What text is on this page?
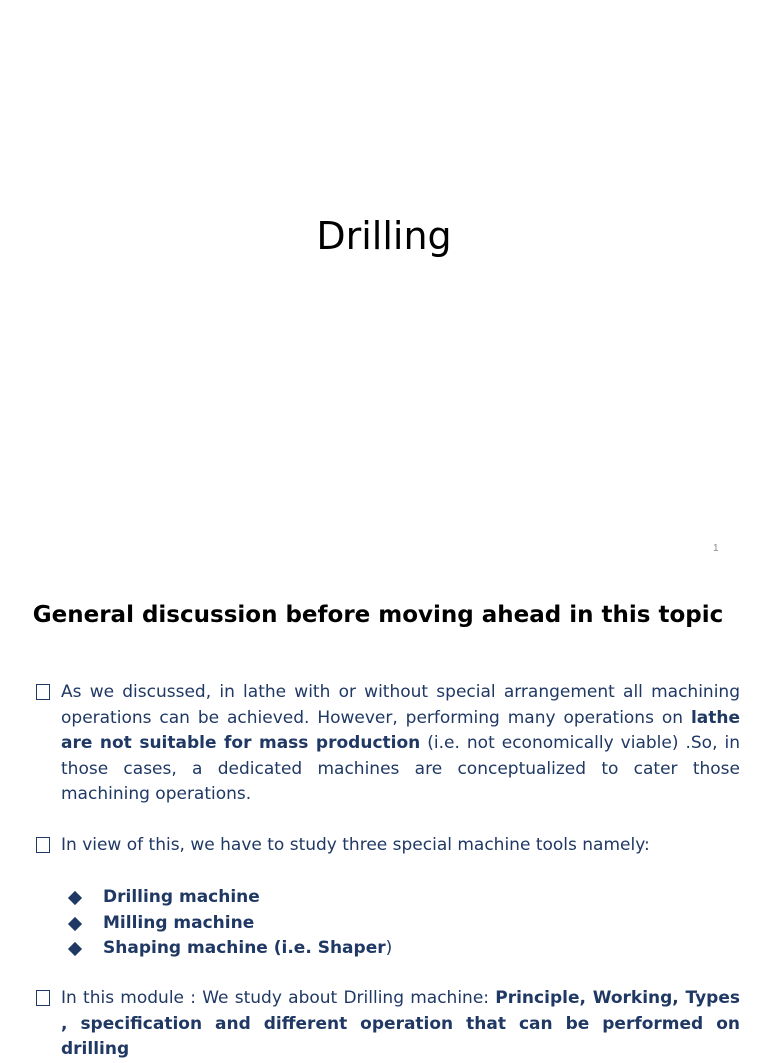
Drilling
1
General discussion before moving ahead in this topic
As we discussed, in lathe with or without special arrangement all machining operations can be achieved. However, performing many operations on lathe are not suitable for mass production (i.e. not economically viable) .So, in those cases, a dedicated machines are conceptualized to cater those machining operations.
In view of this, we have to study three special machine tools namely:
Drilling machine
Milling machine
Shaping machine (i.e. Shaper)
In this module : We study about Drilling machine: Principle, Working, Types , specification and different operation that can be performed on drilling
